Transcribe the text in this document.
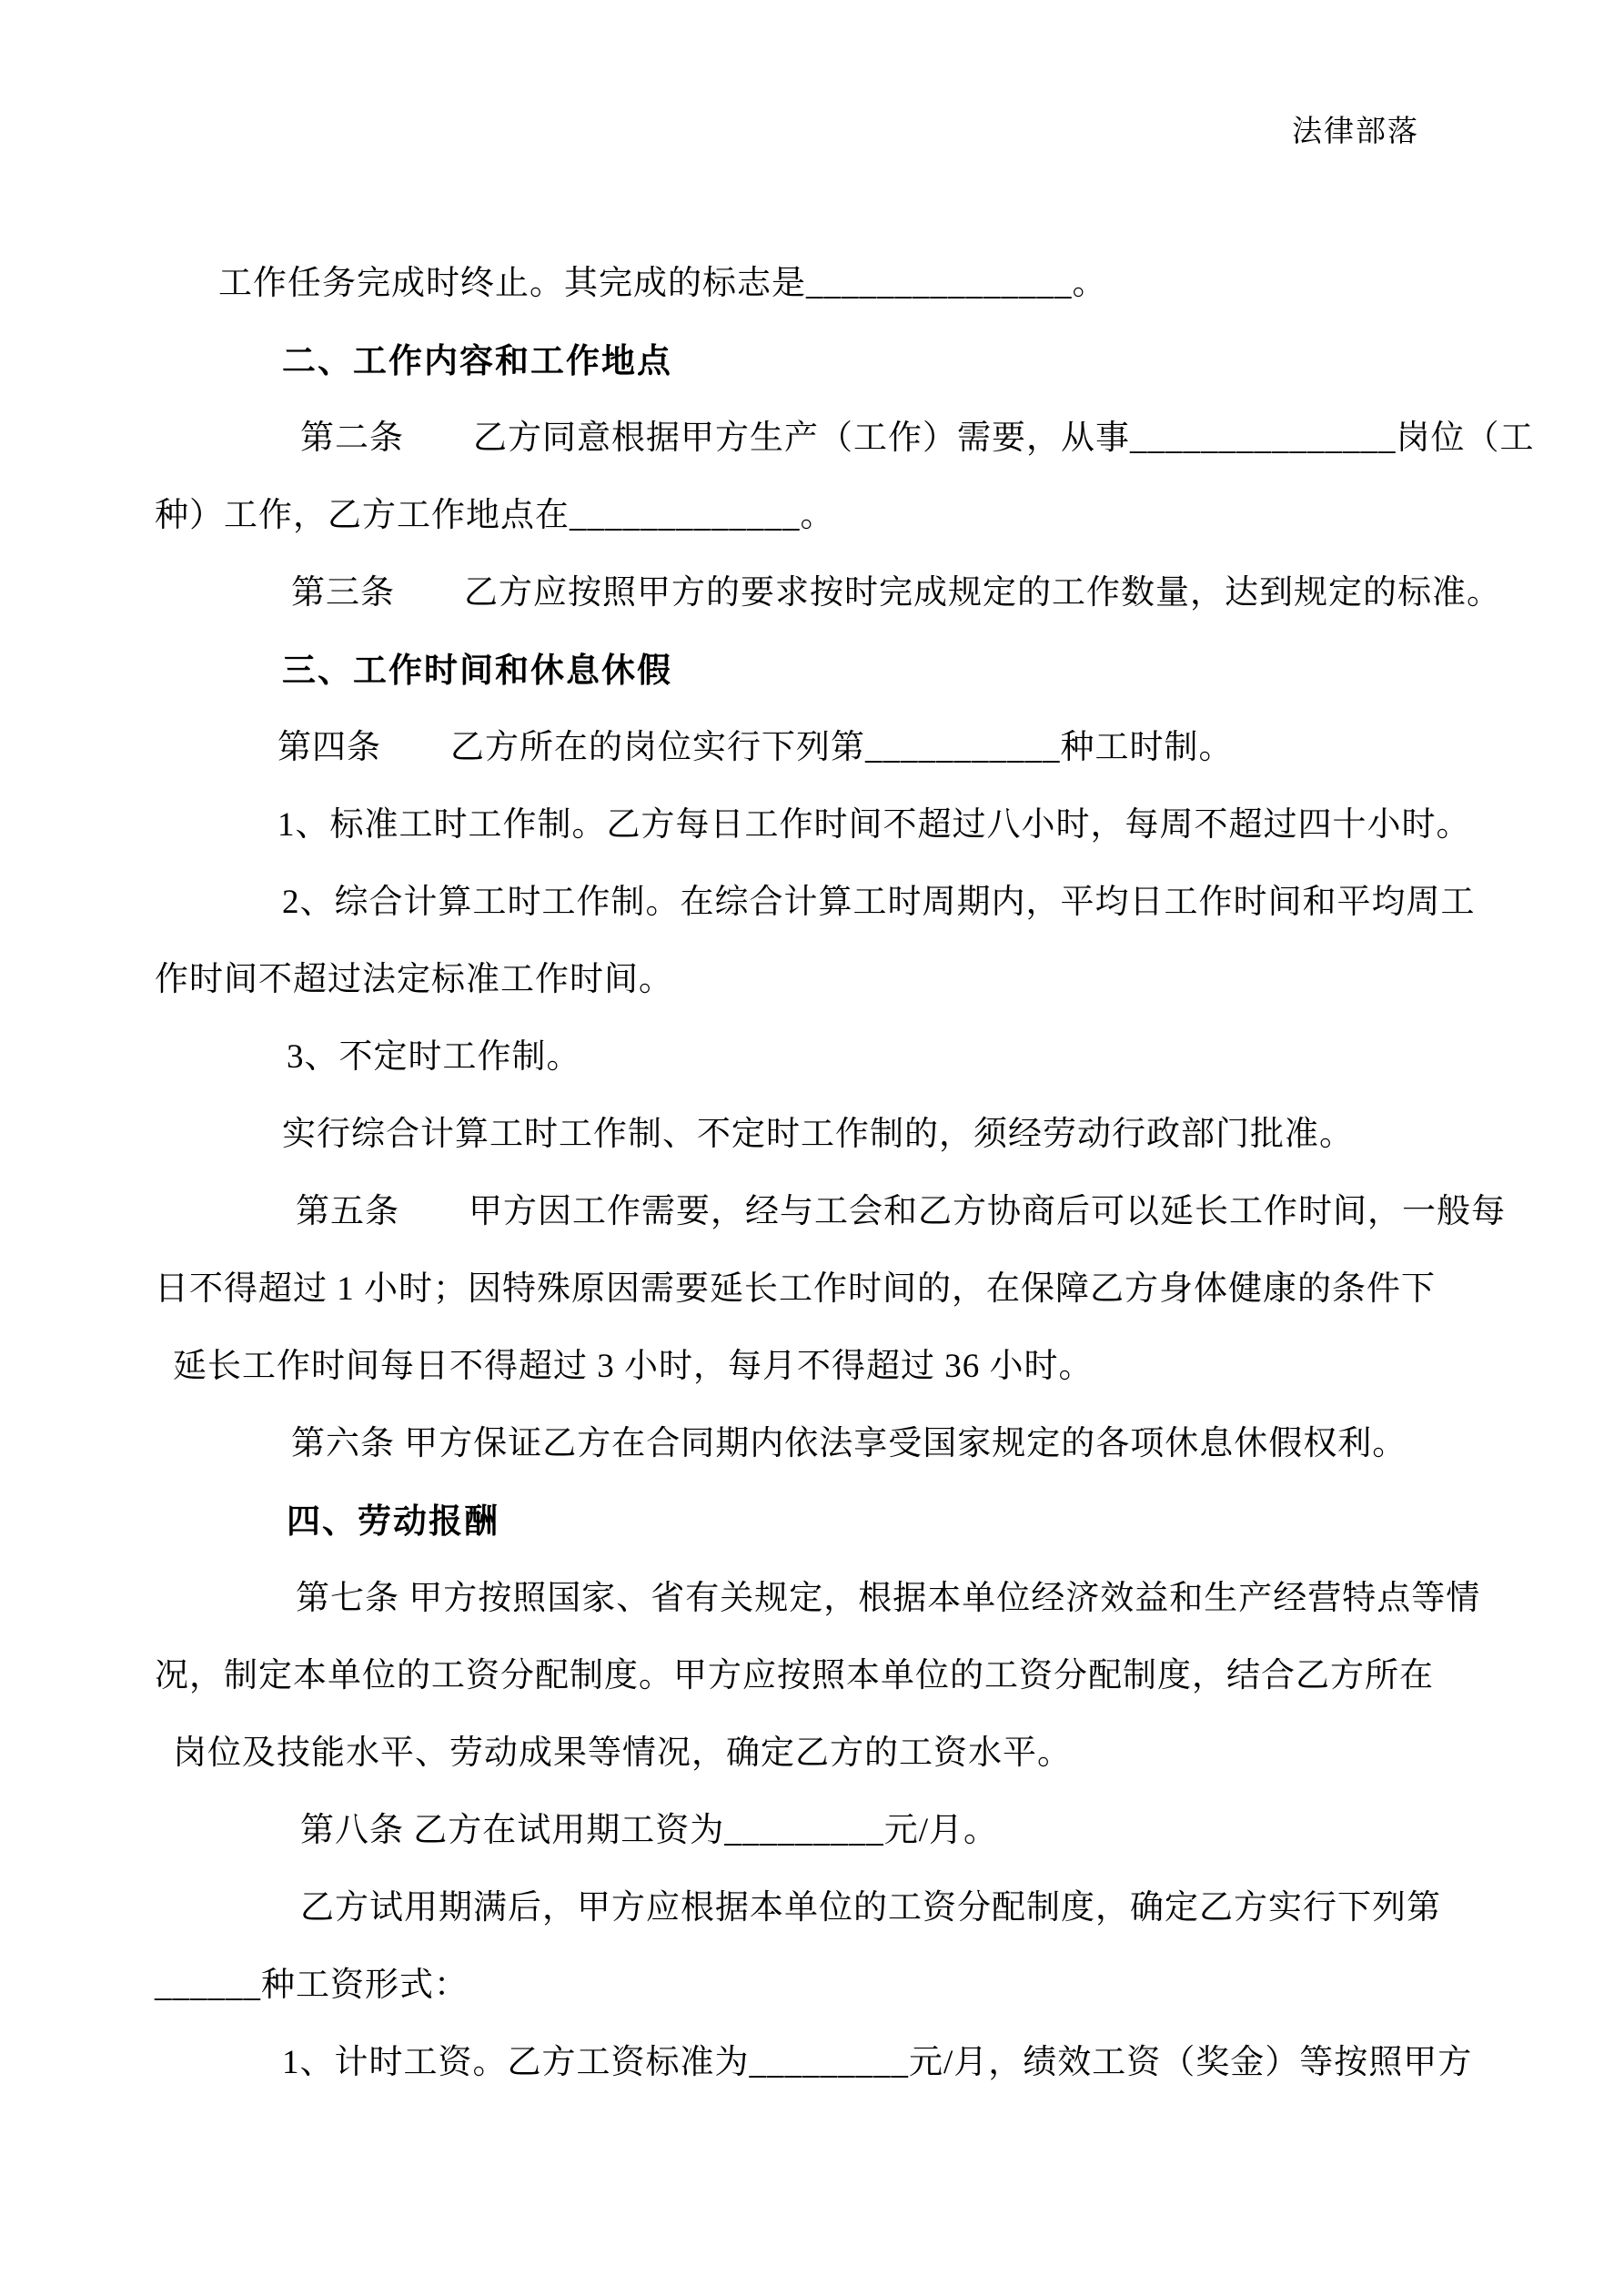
法律部落
工作任务完成时终止。其完成的标志是_______________。
二、工作内容和工作地点
第二条　　乙方同意根据甲方生产（工作）需要，从事_______________岗位（工
种）工作，乙方工作地点在_____________。
第三条　　乙方应按照甲方的要求按时完成规定的工作数量，达到规定的标准。
三、工作时间和休息休假
第四条　　乙方所在的岗位实行下列第___________种工时制。
1、标准工时工作制。乙方每日工作时间不超过八小时，每周不超过四十小时。
2、综合计算工时工作制。在综合计算工时周期内，平均日工作时间和平均周工
作时间不超过法定标准工作时间。
3、不定时工作制。
实行综合计算工时工作制、不定时工作制的，须经劳动行政部门批准。
第五条　　甲方因工作需要，经与工会和乙方协商后可以延长工作时间，一般每
日不得超过 1 小时；因特殊原因需要延长工作时间的，在保障乙方身体健康的条件下
延长工作时间每日不得超过 3 小时，每月不得超过 36 小时。
第六条 甲方保证乙方在合同期内依法享受国家规定的各项休息休假权利。
四、劳动报酬
第七条 甲方按照国家、省有关规定，根据本单位经济效益和生产经营特点等情
况，制定本单位的工资分配制度。甲方应按照本单位的工资分配制度，结合乙方所在
岗位及技能水平、劳动成果等情况，确定乙方的工资水平。
第八条 乙方在试用期工资为_________元/月。
乙方试用期满后，甲方应根据本单位的工资分配制度，确定乙方实行下列第
______种工资形式：
1、计时工资。乙方工资标准为_________元/月，绩效工资（奖金）等按照甲方
